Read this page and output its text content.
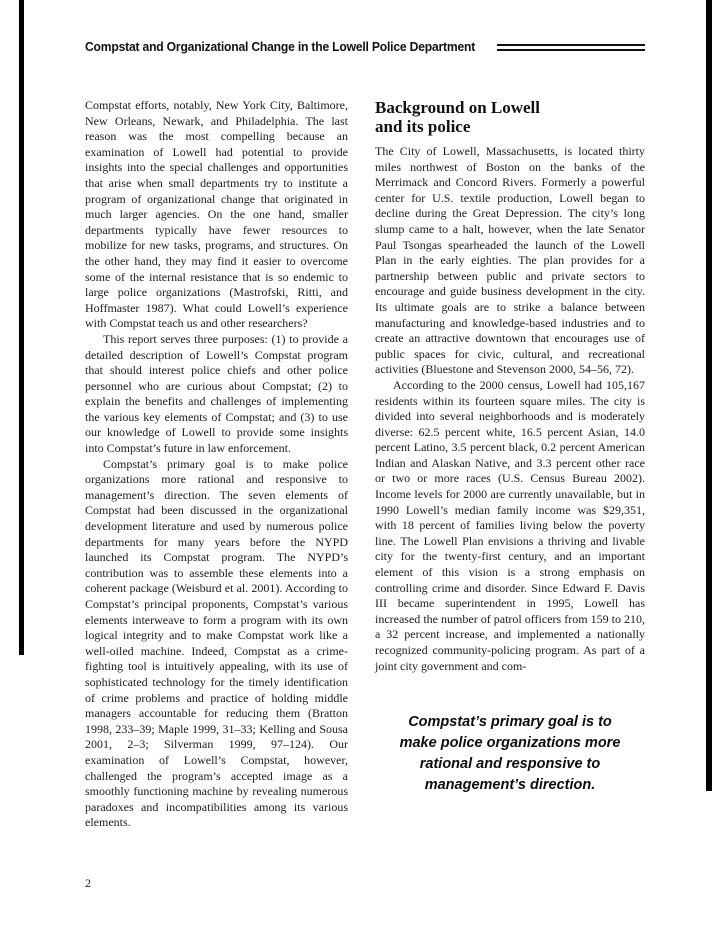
Compstat and Organizational Change in the Lowell Police Department

Compstat efforts, notably, New York City, Baltimore, New Orleans, Newark, and Philadelphia. The last reason was the most compelling because an examination of Lowell had potential to provide insights into the special challenges and opportunities that arise when small departments try to institute a program of organizational change that originated in much larger agencies. On the one hand, smaller departments typically have fewer resources to mobilize for new tasks, programs, and structures. On the other hand, they may find it easier to overcome some of the internal resistance that is so endemic to large police organizations (Mastrofski, Ritti, and Hoffmaster 1987). What could Lowell’s experience with Compstat teach us and other researchers?

This report serves three purposes: (1) to provide a detailed description of Lowell’s Compstat program that should interest police chiefs and other police personnel who are curious about Compstat; (2) to explain the benefits and challenges of implementing the various key elements of Compstat; and (3) to use our knowledge of Lowell to provide some insights into Compstat’s future in law enforcement.

Compstat’s primary goal is to make police organizations more rational and responsive to management’s direction. The seven elements of Compstat had been discussed in the organizational development literature and used by numerous police departments for many years before the NYPD launched its Compstat program. The NYPD’s contribution was to assemble these elements into a coherent package (Weisburd et al. 2001). According to Compstat’s principal proponents, Compstat’s various elements interweave to form a program with its own logical integrity and to make Compstat work like a well-oiled machine. Indeed, Compstat as a crime-fighting tool is intuitively appealing, with its use of sophisticated technology for the timely identification of crime problems and practice of holding middle managers accountable for reducing them (Bratton 1998, 233–39; Maple 1999, 31–33; Kelling and Sousa 2001, 2–3; Silverman 1999, 97–124). Our examination of Lowell’s Compstat, however, challenged the program’s accepted image as a smoothly functioning machine by revealing numerous paradoxes and incompatibilities among its various elements.

Background on Lowell
and its police

The City of Lowell, Massachusetts, is located thirty miles northwest of Boston on the banks of the Merrimack and Concord Rivers. Formerly a powerful center for U.S. textile production, Lowell began to decline during the Great Depression. The city’s long slump came to a halt, however, when the late Senator Paul Tsongas spearheaded the launch of the Lowell Plan in the early eighties. The plan provides for a partnership between public and private sectors to encourage and guide business development in the city. Its ultimate goals are to strike a balance between manufacturing and knowledge-based industries and to create an attractive downtown that encourages use of public spaces for civic, cultural, and recreational activities (Bluestone and Stevenson 2000, 54–56, 72).

According to the 2000 census, Lowell had 105,167 residents within its fourteen square miles. The city is divided into several neighborhoods and is moderately diverse: 62.5 percent white, 16.5 percent Asian, 14.0 percent Latino, 3.5 percent black, 0.2 percent American Indian and Alaskan Native, and 3.3 percent other race or two or more races (U.S. Census Bureau 2002). Income levels for 2000 are currently unavailable, but in 1990 Lowell’s median family income was $29,351, with 18 percent of families living below the poverty line. The Lowell Plan envisions a thriving and livable city for the twenty-first century, and an important element of this vision is a strong emphasis on controlling crime and disorder. Since Edward F. Davis III became superintendent in 1995, Lowell has increased the number of patrol officers from 159 to 210, a 32 percent increase, and implemented a nationally recognized community-policing program. As part of a joint city government and com-

Compstat’s primary goal is to
make police organizations more
rational and responsive to
management’s direction.
2
